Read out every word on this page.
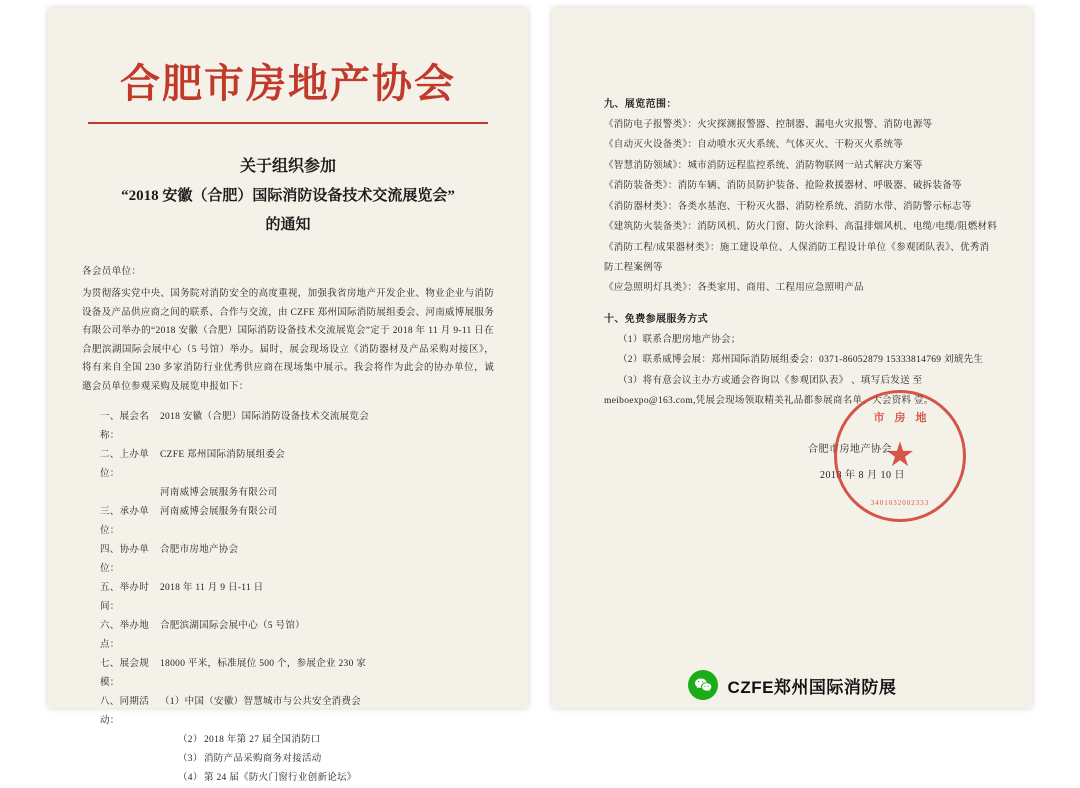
合肥市房地产协会
关于组织参加
“2018 安徽（合肥）国际消防设备技术交流展览会”
的通知
各会员单位：
为贯彻落实党中央、国务院对消防安全的高度重视，加强我省房地产开发企业、物业企业与消防设备及产品供应商之间的联系、合作与交流，由 CZFE 郑州国际消防展组委会、河南威博展服务有限公司举办的“2018 安徽（合肥）国际消防设备技术交流展览会”定于 2018 年 11 月 9-11 日在合肥滨湖国际会展中心（5 号馆）举办。届时，展会现场设立《消防器材及产品采购对接区》，将有来自全国 230 多家消防行业优秀供应商在现场集中展示。我会将作为此会的协办单位，诚邀会员单位参观采购及展览申报如下：
一、展会名称：
2018 安徽（合肥）国际消防设备技术交流展览会
二、上办单位：
CZFE 郑州国际消防展组委会
河南威博会展服务有限公司
三、承办单位：
河南威博会展服务有限公司
四、协办单位：
合肥市房地产协会
五、举办时间：
2018 年 11 月 9 日-11 日
六、举办地点：
合肥滨湖国际会展中心（5 号馆）
七、展会规模：
18000 平米，标准展位 500 个，参展企业 230 家
八、同期活动：
（1）中国（安徽）智慧城市与公共安全消费会
（2） 2018 年第 27 届全国消防口
（3） 消防产品采购商务对接活动
（4） 第 24 届《防火门窗行业创新论坛》
九、展览范围：
《消防电子报警类》：火灾探测报警器、控制器、漏电火灾报警、消防电源等
《自动灭火设备类》：自动喷水灭火系统、气体灭火、干粉灭火系统等
《智慧消防领域》：城市消防远程监控系统、消防物联网一站式解决方案等
《消防装备类》：消防车辆、消防员防护装备、抢险救援器材、呼吸器、破拆装备等
《消防器材类》：各类水基泡、干粉灭火器、消防栓系统、消防水带、消防警示标志等
《建筑防火装备类》：消防风机、防火门窗、防火涂料、高温排烟风机、电缆/电缆/阻燃材料
《消防工程/成果器材类》：施工建设单位、人保消防工程设计单位《参观团队表》、优秀消防工程案例等
《应急照明灯具类》：各类家用、商用、工程用应急照明产品
十、免费参展服务方式
（1）联系合肥房地产协会；
（2）联系威博会展：郑州国际消防展组委会：0371-86052879 15333814769 刘琥先生
（3）将有意会议主办方或通会咨询以《参观团队表》 、填写后发送 至
meiboexpo@163.com,凭展会现场领取精美礼品都参展商名单、大会资料 壹。
合肥市房地产协会
2018 年 8 月 10 日
市房地
★
3401032002333
CZFE郑州国际消防展
